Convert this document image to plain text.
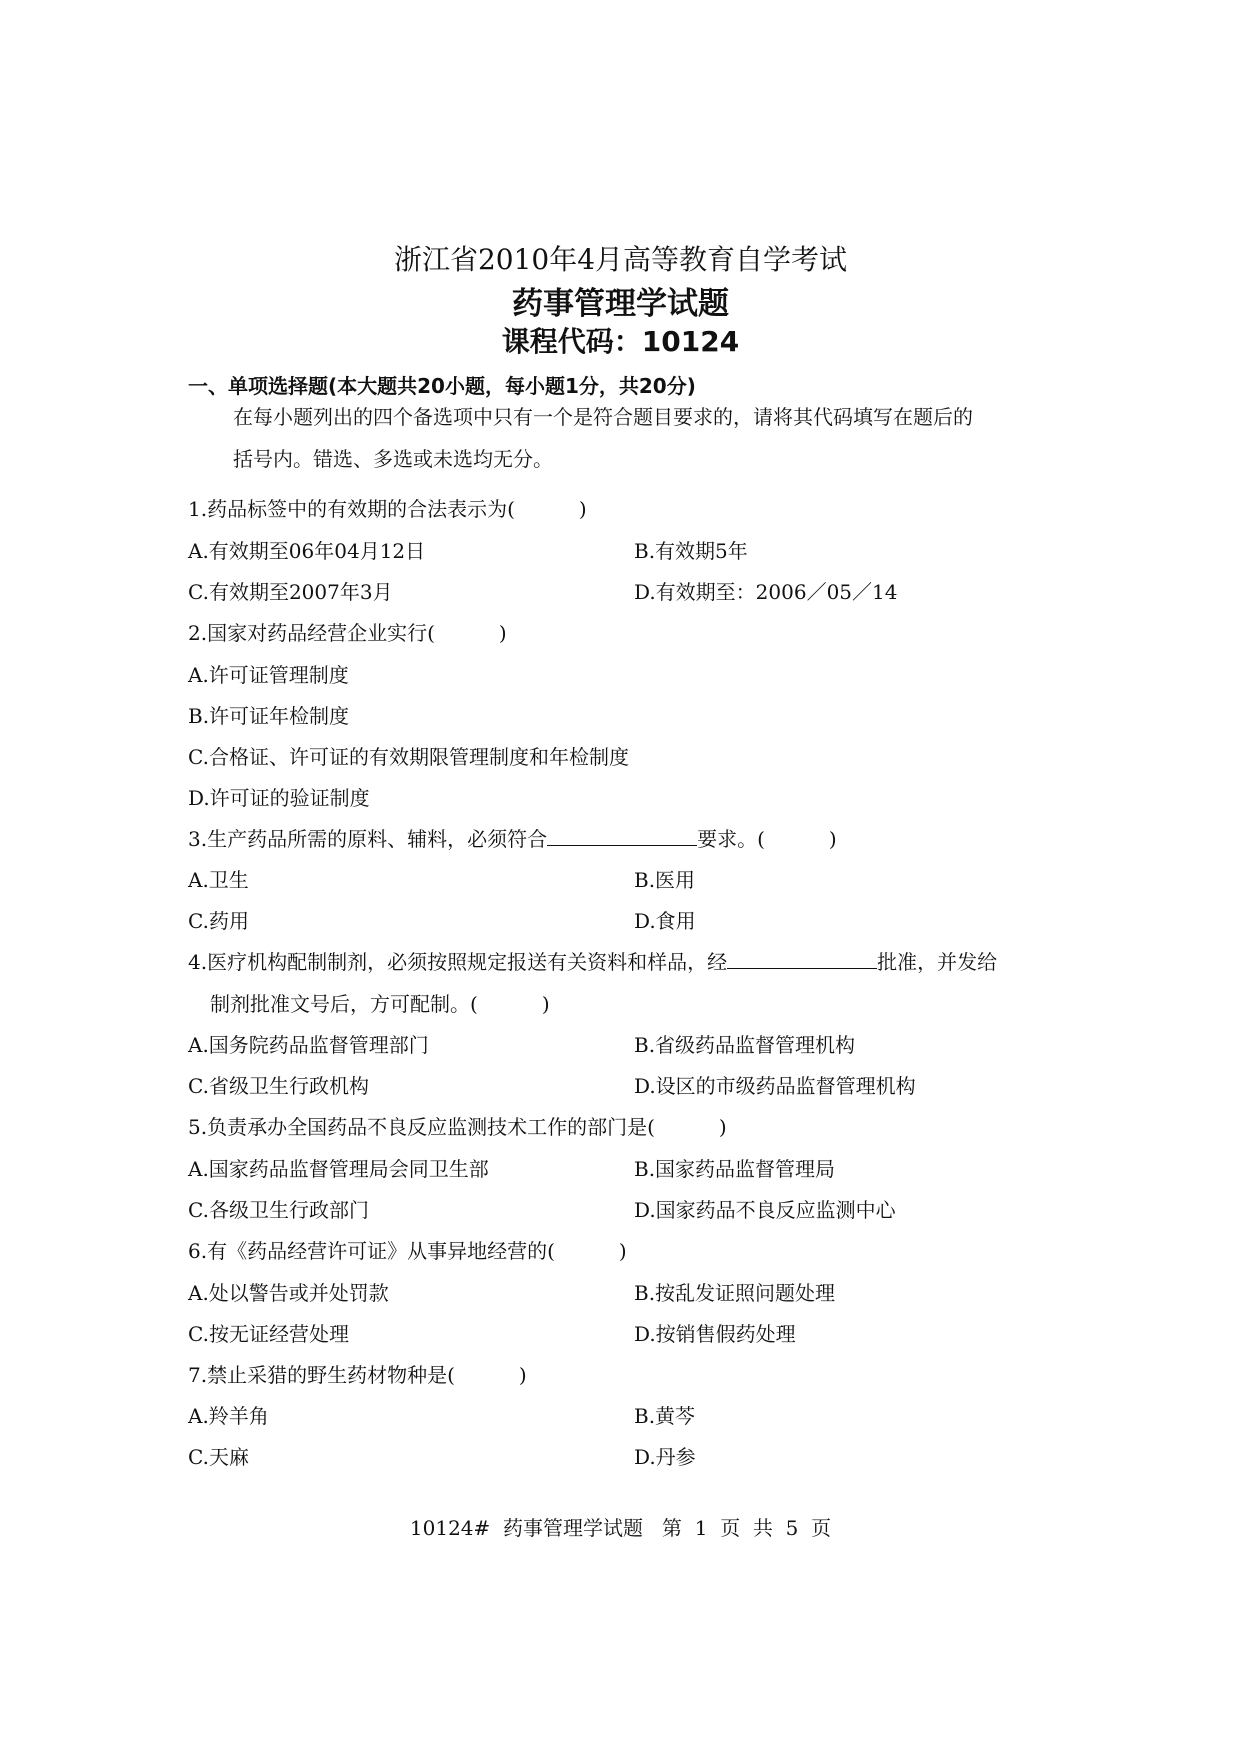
浙江省2010年4月高等教育自学考试
药事管理学试题
课程代码：10124
一、单项选择题(本大题共20小题，每小题1分，共20分)
在每小题列出的四个备选项中只有一个是符合题目要求的，请将其代码填写在题后的
括号内。错选、多选或未选均无分。
1.药品标签中的有效期的合法表示为(	)
A.有效期至06年04月12日	B.有效期5年
C.有效期至2007年3月	D.有效期至：2006／05／14
2.国家对药品经营企业实行(	)
A.许可证管理制度
B.许可证年检制度
C.合格证、许可证的有效期限管理制度和年检制度
D.许可证的验证制度
3.生产药品所需的原料、辅料，必须符合	要求。(	)
A.卫生	B.医用
C.药用	D.食用
4.医疗机构配制制剂，必须按照规定报送有关资料和样品，经	批准，并发给
制剂批准文号后，方可配制。(	)
A.国务院药品监督管理部门	B.省级药品监督管理机构
C.省级卫生行政机构	D.设区的市级药品监督管理机构
5.负责承办全国药品不良反应监测技术工作的部门是(	)
A.国家药品监督管理局会同卫生部	B.国家药品监督管理局
C.各级卫生行政部门	D.国家药品不良反应监测中心
6.有《药品经营许可证》从事异地经营的(	)
A.处以警告或并处罚款	B.按乱发证照问题处理
C.按无证经营处理	D.按销售假药处理
7.禁止采猎的野生药材物种是(	)
A.羚羊角	B.黄芩
C.天麻	D.丹参
10124#  药事管理学试题   第  1  页  共  5  页
